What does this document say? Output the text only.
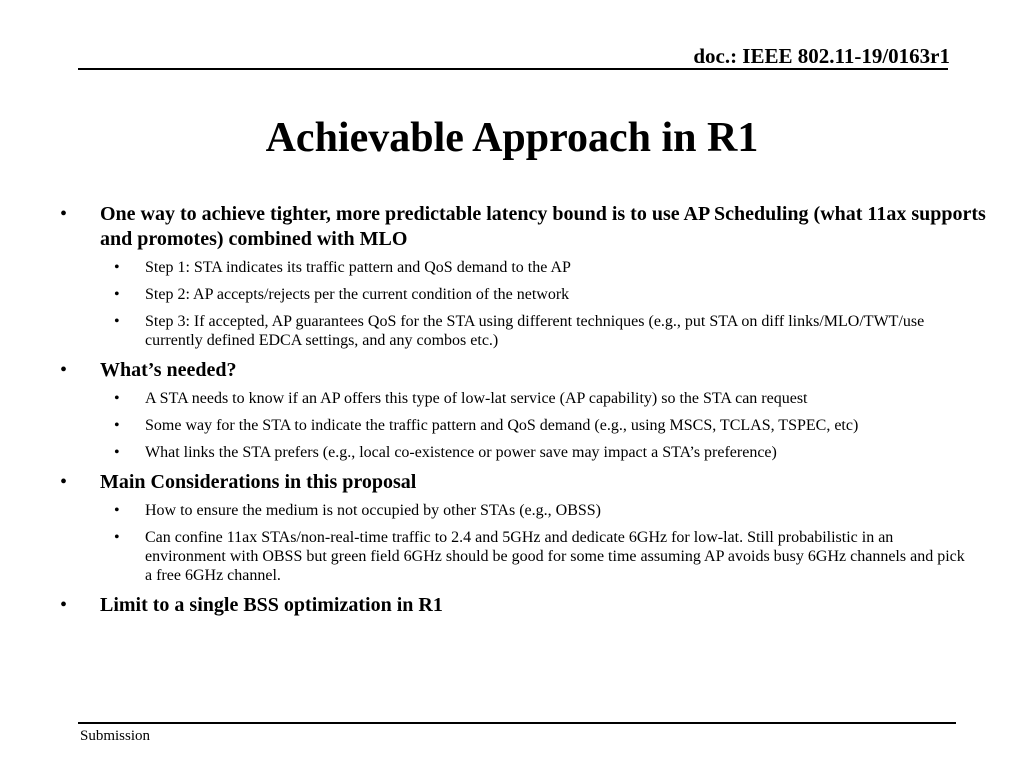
doc.: IEEE 802.11-19/0163r1
Achievable Approach in R1
• One way to achieve tighter, more predictable latency bound is to use AP Scheduling (what 11ax supports and promotes) combined with MLO
• Step 1: STA indicates its traffic pattern and QoS demand to the AP
• Step 2: AP accepts/rejects per the current condition of the network
• Step 3: If accepted, AP guarantees QoS for the STA using different techniques (e.g., put STA on diff links/MLO/TWT/use currently defined EDCA settings, and any combos etc.)
• What’s needed?
• A STA needs to know if an AP offers this type of low-lat service (AP capability) so the STA can request
• Some way for the STA to indicate the traffic pattern and QoS demand (e.g., using MSCS, TCLAS, TSPEC, etc)
• What links the STA prefers (e.g., local co-existence or power save may impact a STA’s preference)
• Main Considerations in this proposal
• How to ensure the medium is not occupied by other STAs (e.g., OBSS)
• Can confine 11ax STAs/non-real-time traffic to 2.4 and 5GHz and dedicate 6GHz for low-lat. Still probabilistic in an environment with OBSS but green field 6GHz should be good for some time assuming AP avoids busy 6GHz channels and pick a free 6GHz channel.
• Limit to a single BSS optimization in R1
Submission
